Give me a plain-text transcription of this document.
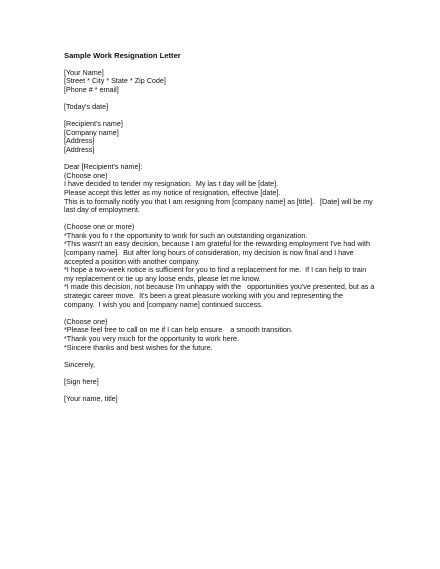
Sample Work Resignation Letter
[Your Name]
[Street * City * State * Zip Code]
[Phone # * email]
[Today's date]
[Recipient's name]
[Company name]
[Address]
[Address]
Dear [Recipient's name]:
(Choose one)
I have decided to tender my resignation.  My las t day will be [date].
Please accept this letter as my notice of resignation, effective [date].
This is to formally notify you that I am resigning from [company name] as [title].   [Date] will be my
last day of employment.
(Choose one or more)
*Thank you fo r the opportunity to work for such an outstanding organization.
*This wasn't an easy decision, because I am grateful for the rewarding employment I've had with
[company name].  But after long hours of consideration, my decision is now final and I have
accepted a position with another company.
*I hope a two-week notice is sufficient for you to find a replacement for me.  If I can help to train
my replacement or tie up any loose ends, please let me know.
*I made this decision, not because I'm unhappy with the   opportunities you've presented, but as a
strategic career move.  It's been a great pleasure working with you and representing the
company.  I wish you and [company name] continued success.
(Choose one)
*Please feel free to call on me if I can help ensure    a smooth transition.
*Thank you very much for the opportunity to work here.
*Sincere thanks and best wishes for the future.
Sincerely,
[Sign here]
[Your name, title]
